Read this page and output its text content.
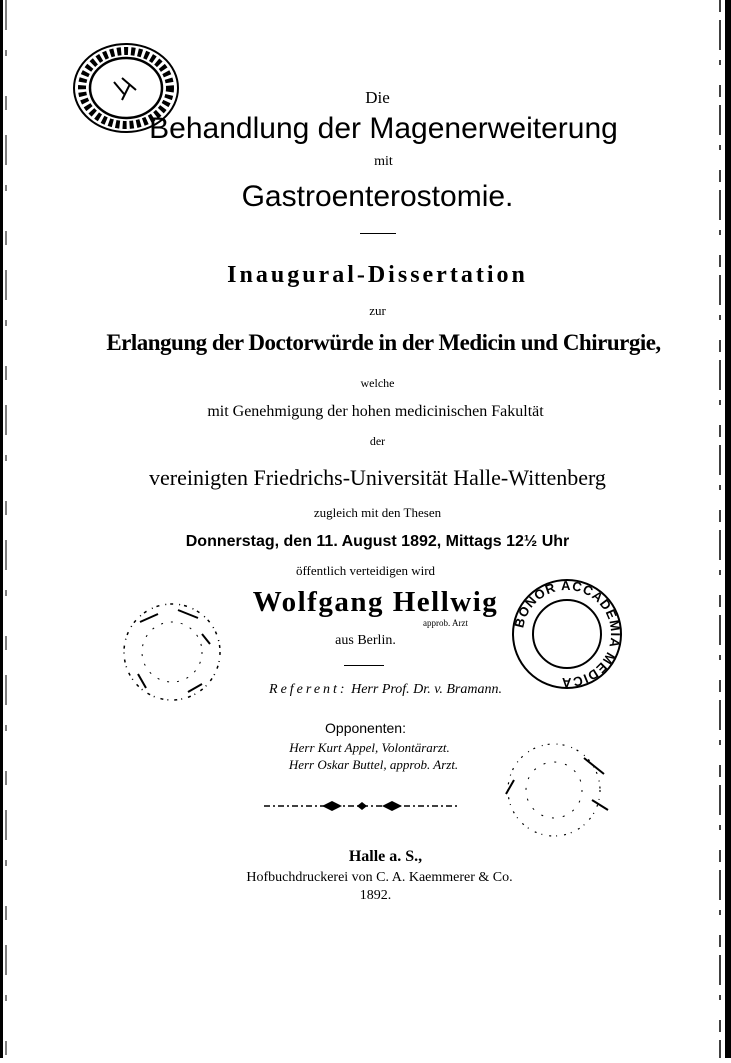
BONOR ACCADEMIA MEDICA
Die
Behandlung der Magenerweiterung
mit
Gastroenterostomie.
Inaugural-Dissertation
zur
Erlangung der Doctorwürde in der Medicin und Chirurgie,
welche
mit Genehmigung der hohen medicinischen Fakultät
der
vereinigten Friedrichs-Universität Halle-Wittenberg
zugleich mit den Thesen
Donnerstag, den 11. August 1892, Mittags 12½ Uhr
öffentlich verteidigen wird
Wolfgang Hellwig
approb. Arzt
aus Berlin.
Referent: Herr Prof. Dr. v. Bramann.
Opponenten:
Herr Kurt Appel, Volontärarzt.
Herr Oskar Buttel, approb. Arzt.
Halle a. S.,
Hofbuchdruckerei von C. A. Kaemmerer & Co.
1892.
